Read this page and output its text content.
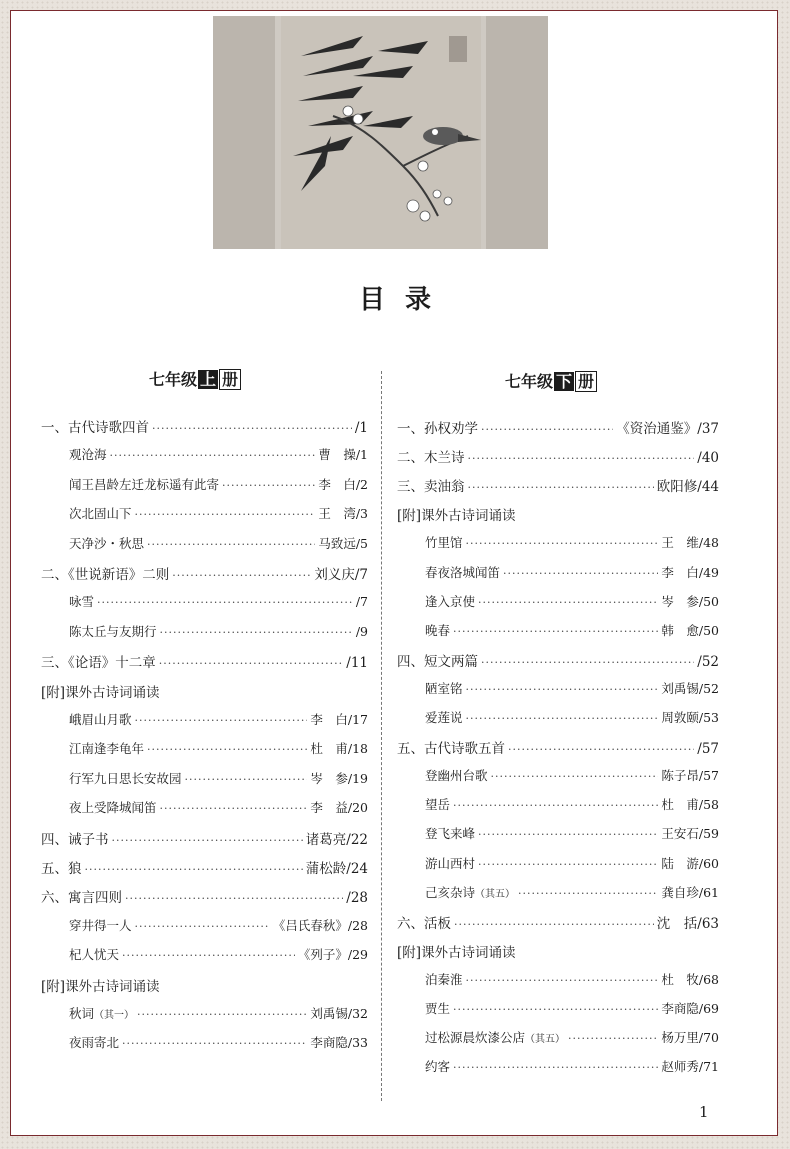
目录
七年级 上 册	七年级 下 册
一、古代诗歌四首 ·····	/1
观沧海 ·····	曹　操/1
闻王昌龄左迁龙标遥有此寄 ·····	李　白/2
次北固山下 ·····	王　湾/3
天净沙・秋思 ·····	马致远/5
二、《世说新语》二则 ·····	刘义庆/7
咏雪 ·····	/7
陈太丘与友期行 ·····	/9
三、《论语》十二章 ·····	/11
[ 附 ] 课外古诗词诵读
峨眉山月歌 ·····	李　白/17
江南逢李龟年 ·····	杜　甫/18
行军九日思长安故园 ·····	岑　参/19
夜上受降城闻笛 ·····	李　益/20
四、诫子书 ·····	诸葛亮/22
五、狼 ·····	蒲松龄/24
六、寓言四则 ·····	/28
穿井得一人 ·····	《吕氏春秋》/28
杞人忧天 ·····	《列子》/29
[ 附 ] 课外古诗词诵读
秋词（其一） ·····	刘禹锡/32
夜雨寄北 ·····	李商隐/33
一、孙权劝学 ·····	《资治通鉴》/37
二、木兰诗 ·····	/40
三、卖油翁 ·····	欧阳修/44
[ 附 ] 课外古诗词诵读
竹里馆 ·····	王　维/48
春夜洛城闻笛 ·····	李　白/49
逢入京使 ·····	岑　参/50
晚春 ·····	韩　愈/50
四、短文两篇 ·····	/52
陋室铭 ·····	刘禹锡/52
爱莲说 ·····	周敦颐/53
五、古代诗歌五首 ·····	/57
登幽州台歌 ·····	陈子昂/57
望岳 ·····	杜　甫/58
登飞来峰 ·····	王安石/59
游山西村 ·····	陆　游/60
己亥杂诗（其五） ·····	龚自珍/61
六、活板 ·····	沈　括/63
[ 附 ] 课外古诗词诵读
泊秦淮 ·····	杜　牧/68
贾生 ·····	李商隐/69
过松源晨炊漆公店（其五） ·····	杨万里/70
约客 ·····	赵师秀/71
1
